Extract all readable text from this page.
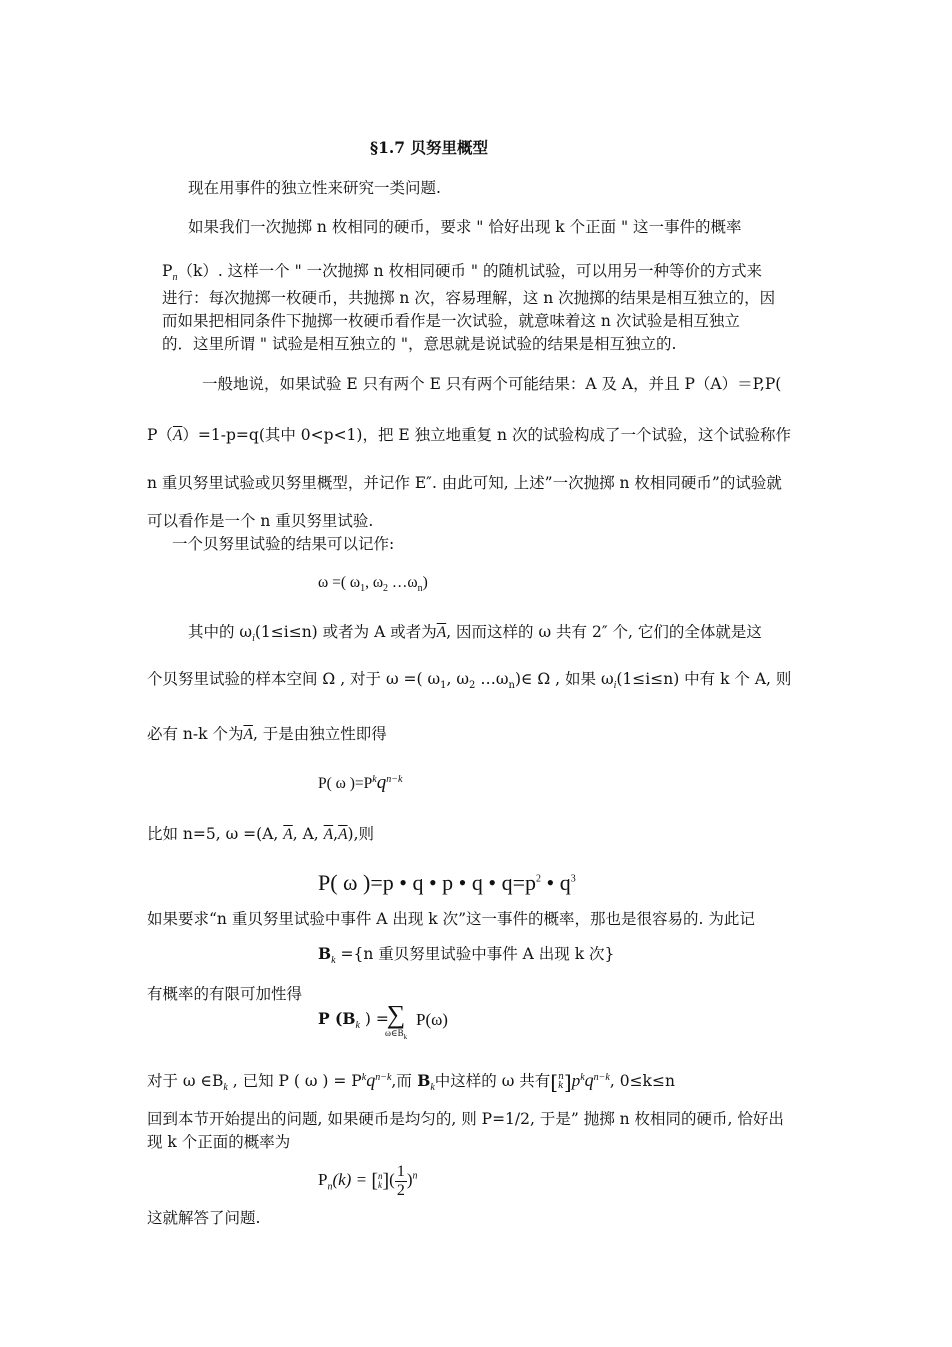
§1.7 贝努里概型
现在用事件的独立性来研究一类问题.
如果我们一次抛掷 n 枚相同的硬币，要求 " 恰好出现 k 个正面 " 这一事件的概率
$P_n(k)$. 这样一个 " 一次抛掷 n 枚相同硬币 " 的随机试验，可以用另一种等价的方式来
进行：每次抛掷一枚硬币，共抛掷 n 次，容易理解，这 n 次抛掷的结果是相互独立的，因
而如果把相同条件下抛掷一枚硬币看作是一次试验，就意味着这 n 次试验是相互独立
的．这里所谓 " 试验是相互独立的 "，意思就是说试验的结果是相互独立的.
一般地说，如果试验 E 只有两个 E 只有两个可能结果：A 及 A，并且 P（A）＝P,P(
$P(\overline{A})=1-p=q$(其中 0<p<1)，把 E 独立地重复 n 次的试验构成了一个试验，这个试验称作
n 重贝努里试验或贝努里概型，并记作 E″. 由此可知, 上述”一次抛掷 n 枚相同硬币”的试验就
可以看作是一个 n 重贝努里试验.
一个贝努里试验的结果可以记作:
ω =( $\omega_1$, $\omega_2$ $\dots\omega_n$)
其中的 $\omega_i(1\le i\le n)$ 或者为 A 或者为$\overline{A}$, 因而这样的 ω 共有 2″ 个, 它们的全体就是这
个贝努里试验的样本空间 Ω , 对于 ω =( $\omega_1$, $\omega_2$ $\dots\omega_n)\in$ Ω , 如果 $\omega_i(1\le i\le n)$ 中有 k 个 A, 则
必有 n-k 个为$\overline{A}$, 于是由独立性即得
P( ω )$=P^kq^{n-k}$
比如 n=5, ω =(A, $\overline{A}$, A, $\overline{A},\overline{A}$),则
P( ω )=p • q • p • q • $q=p^2$ • $q^3$
如果要求“n 重贝努里试验中事件 A 出现 k 次”这一事件的概率，那也是很容易的. 为此记
$B_k =\{n$ 重贝努里试验中事件 A 出现 k 次}
有概率的有限可加性得
P ($B_k$ ) =
∑
$\omega\in B_k$
P(ω)
对于 ω $\in B_k$ , 已知 P ( ω ) = $P^kq^{n-k}$,而 $B_k$中这样的 ω 共有[ n
k ]$p^kq^{n-k}$, 0≤k≤n
回到本节开始提出的问题, 如果硬币是均匀的, 则 P=1/2, 于是” 抛掷 n 枚相同的硬币, 恰好出
现 k 个正面的概率为
$P_n(k)$ = [ n
k ]( $\frac{1}{2} )^n$
这就解答了问题.
